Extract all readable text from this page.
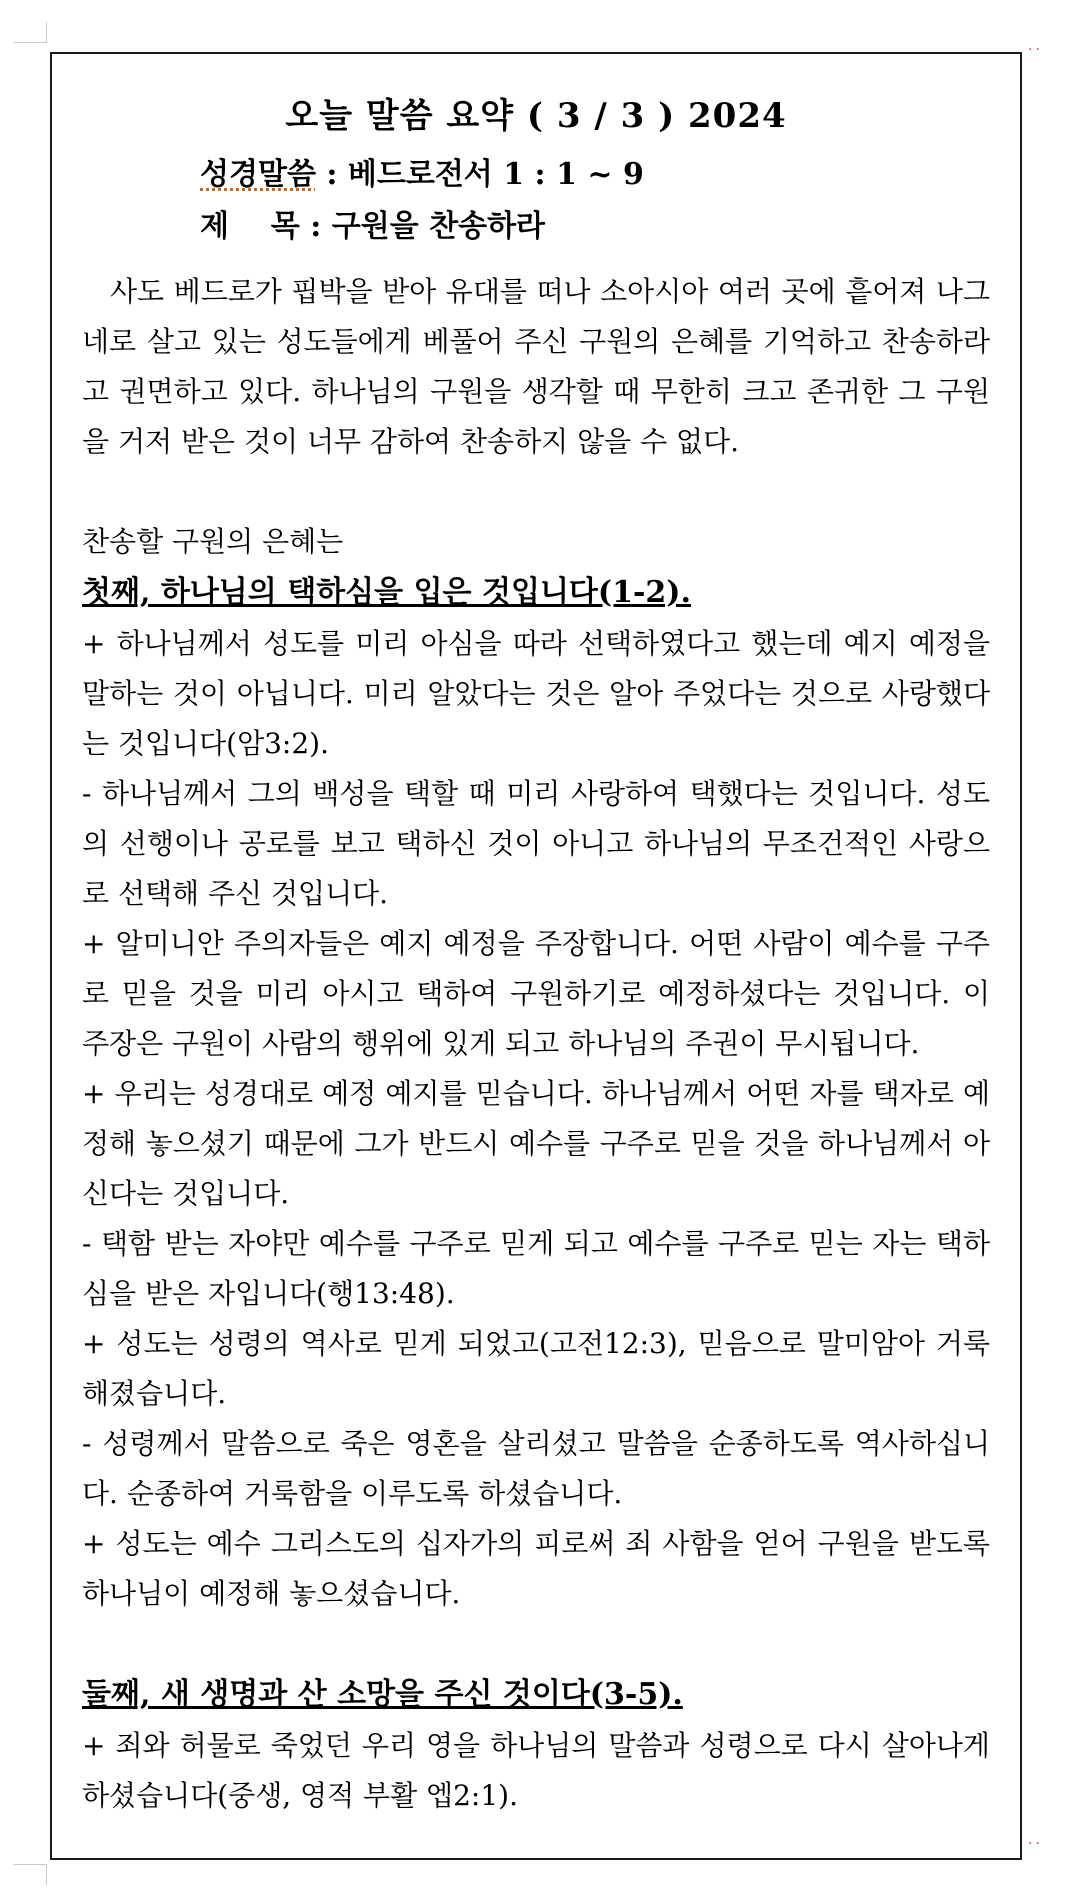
··
··
오늘 말씀 요약 ( 3 / 3 ) 2024
성경말씀 : 베드로전서 1 : 1 ~ 9
제    목 : 구원을 찬송하라

사도 베드로가 핍박을 받아 유대를 떠나 소아시아 여러 곳에 흩어져 나그네로 살고 있는 성도들에게 베풀어 주신 구원의 은혜를 기억하고 찬송하라고 권면하고 있다. 하나님의 구원을 생각할 때 무한히 크고 존귀한 그 구원을 거저 받은 것이 너무 감하여 찬송하지 않을 수 없다.

찬송할 구원의 은혜는
첫째, 하나님의 택하심을 입은 것입니다(1-2).
+ 하나님께서 성도를 미리 아심을 따라 선택하였다고 했는데 예지 예정을 말하는 것이 아닙니다. 미리 알았다는 것은 알아 주었다는 것으로 사랑했다는 것입니다(암3:2).
- 하나님께서 그의 백성을 택할 때 미리 사랑하여 택했다는 것입니다. 성도의 선행이나 공로를 보고 택하신 것이 아니고 하나님의 무조건적인 사랑으로 선택해 주신 것입니다.
+ 알미니안 주의자들은 예지 예정을 주장합니다. 어떤 사람이 예수를 구주로 믿을 것을 미리 아시고 택하여 구원하기로 예정하셨다는 것입니다. 이 주장은 구원이 사람의 행위에 있게 되고 하나님의 주권이 무시됩니다.
+ 우리는 성경대로 예정 예지를 믿습니다. 하나님께서 어떤 자를 택자로 예정해 놓으셨기 때문에 그가 반드시 예수를 구주로 믿을 것을 하나님께서 아신다는 것입니다.
- 택함 받는 자야만 예수를 구주로 믿게 되고 예수를 구주로 믿는 자는 택하심을 받은 자입니다(행13:48).
+ 성도는 성령의 역사로 믿게 되었고(고전12:3), 믿음으로 말미암아 거룩해졌습니다.
- 성령께서 말씀으로 죽은 영혼을 살리셨고 말씀을 순종하도록 역사하십니다. 순종하여 거룩함을 이루도록 하셨습니다.
+ 성도는 예수 그리스도의 십자가의 피로써 죄 사함을 얻어 구원을 받도록 하나님이 예정해 놓으셨습니다.
둘째, 새 생명과 산 소망을 주신 것이다(3-5).
+ 죄와 허물로 죽었던 우리 영을 하나님의 말씀과 성령으로 다시 살아나게 하셨습니다(중생, 영적 부활 엡2:1).
